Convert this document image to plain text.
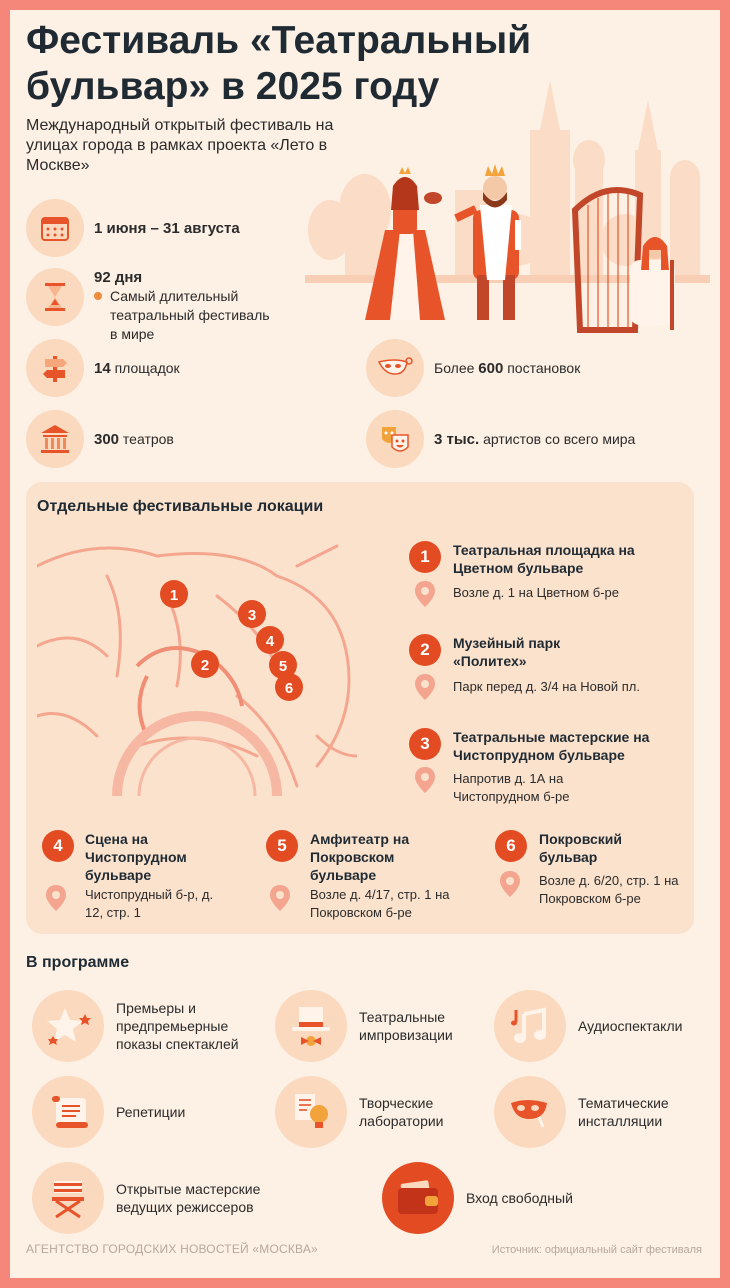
Фестиваль «Театральный бульвар» в 2025 году
Международный открытый фестиваль на улицах города в рамках проекта «Лето в Москве»
1 июня – 31 августа
92 дня
Самый длительный театральный фестиваль в мире
14 площадок
300 театров
Более 600 постановок
3 тыс. артистов со всего мира
Отдельные фестивальные локации
1
2
3
4
5
6
1	Театральная площадка на Цветном бульваре
Возле д. 1 на Цветном б-ре
2	Музейный парк «Политех»
Парк перед д. 3/4 на Новой пл.
3	Театральные мастерские на Чистопрудном бульваре
Напротив д. 1А на Чистопрудном б-ре
4	Сцена на Чистопрудном бульваре
Чистопрудный б-р, д. 12, стр. 1
5	Амфитеатр на Покровском бульваре
Возле д. 4/17, стр. 1 на Покровском б-ре
6	Покровский бульвар
Возле д. 6/20, стр. 1 на Покровском б-ре
В программе
Премьеры и предпремьерные показы спектаклей
Театральные импровизации
Аудиоспектакли
Репетиции
Творческие лаборатории
Тематические инсталляции
Открытые мастерские ведущих режиссеров
Вход свободный
АГЕНТСТВО ГОРОДСКИХ НОВОСТЕЙ «МОСКВА»	Источник: официальный сайт фестиваля
